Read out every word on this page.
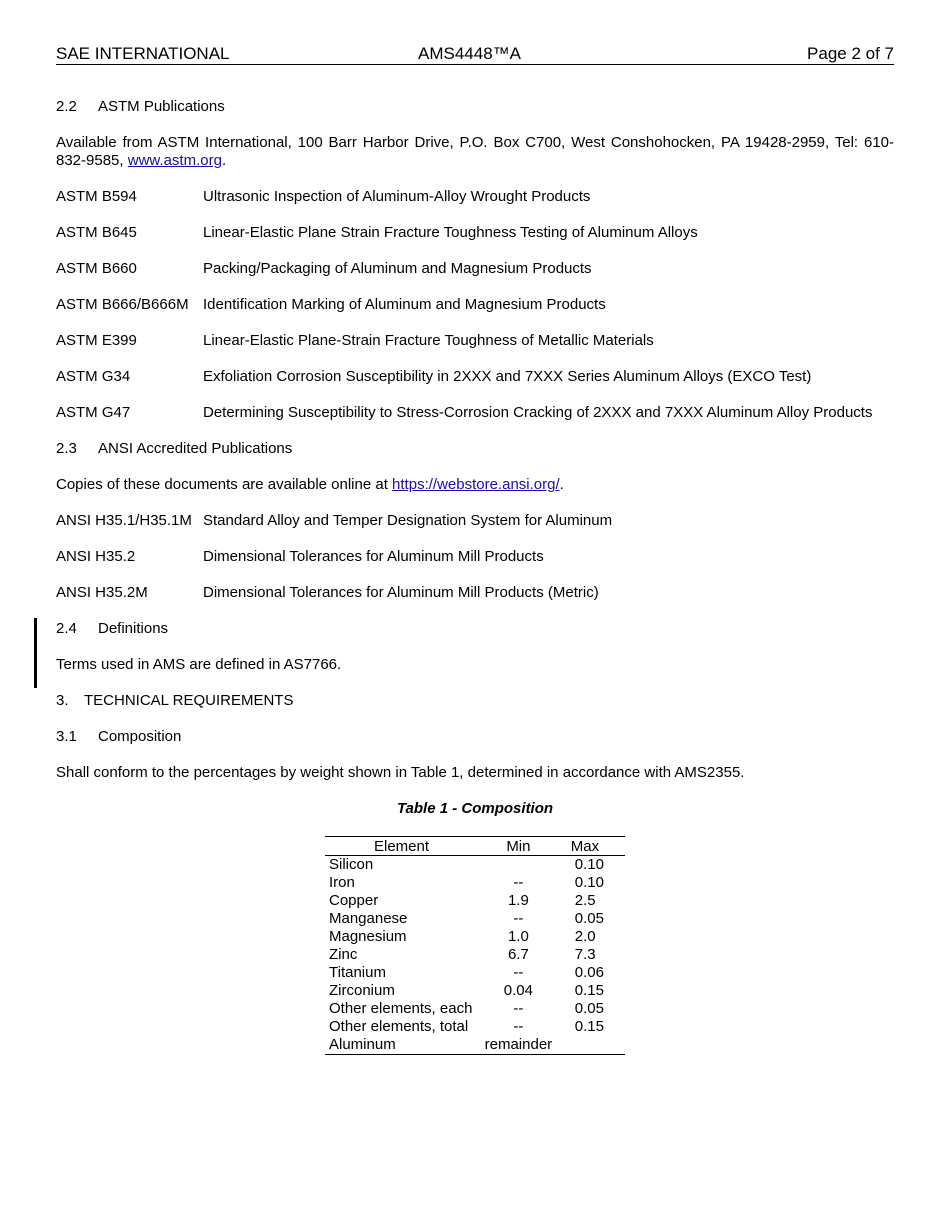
SAE INTERNATIONAL	AMS4448™A	Page 2 of 7
2.2	ASTM Publications

Available from ASTM International, 100 Barr Harbor Drive, P.O. Box C700, West Conshohocken, PA 19428-2959, Tel: 610-832-9585, www.astm.org.

ASTM B594	Ultrasonic Inspection of Aluminum-Alloy Wrought Products
ASTM B645	Linear-Elastic Plane Strain Fracture Toughness Testing of Aluminum Alloys
ASTM B660	Packing/Packaging of Aluminum and Magnesium Products
ASTM B666/B666M Identification Marking of Aluminum and Magnesium Products
ASTM E399	Linear-Elastic Plane-Strain Fracture Toughness of Metallic Materials
ASTM G34	Exfoliation Corrosion Susceptibility in 2XXX and 7XXX Series Aluminum Alloys (EXCO Test)
ASTM G47	Determining Susceptibility to Stress-Corrosion Cracking of 2XXX and 7XXX Aluminum Alloy Products
2.3	ANSI Accredited Publications

Copies of these documents are available online at https://webstore.ansi.org/.

ANSI H35.1/H35.1M Standard Alloy and Temper Designation System for Aluminum
ANSI H35.2	Dimensional Tolerances for Aluminum Mill Products
ANSI H35.2M	Dimensional Tolerances for Aluminum Mill Products (Metric)
2.4	Definitions

Terms used in AMS are defined in AS7766.

3.	TECHNICAL REQUIREMENTS
3.1	Composition

Shall conform to the percentages by weight shown in Table 1, determined in accordance with AMS2355.

Table 1 - Composition
Element	Min	Max
Silicon		0.10
Iron	--	0.10
Copper	1.9	2.5
Manganese	--	0.05
Magnesium	1.0	2.0
Zinc	6.7	7.3
Titanium	--	0.06
Zirconium	0.04	0.15
Other elements, each	--	0.05
Other elements, total	--	0.15
Aluminum	remainder	
